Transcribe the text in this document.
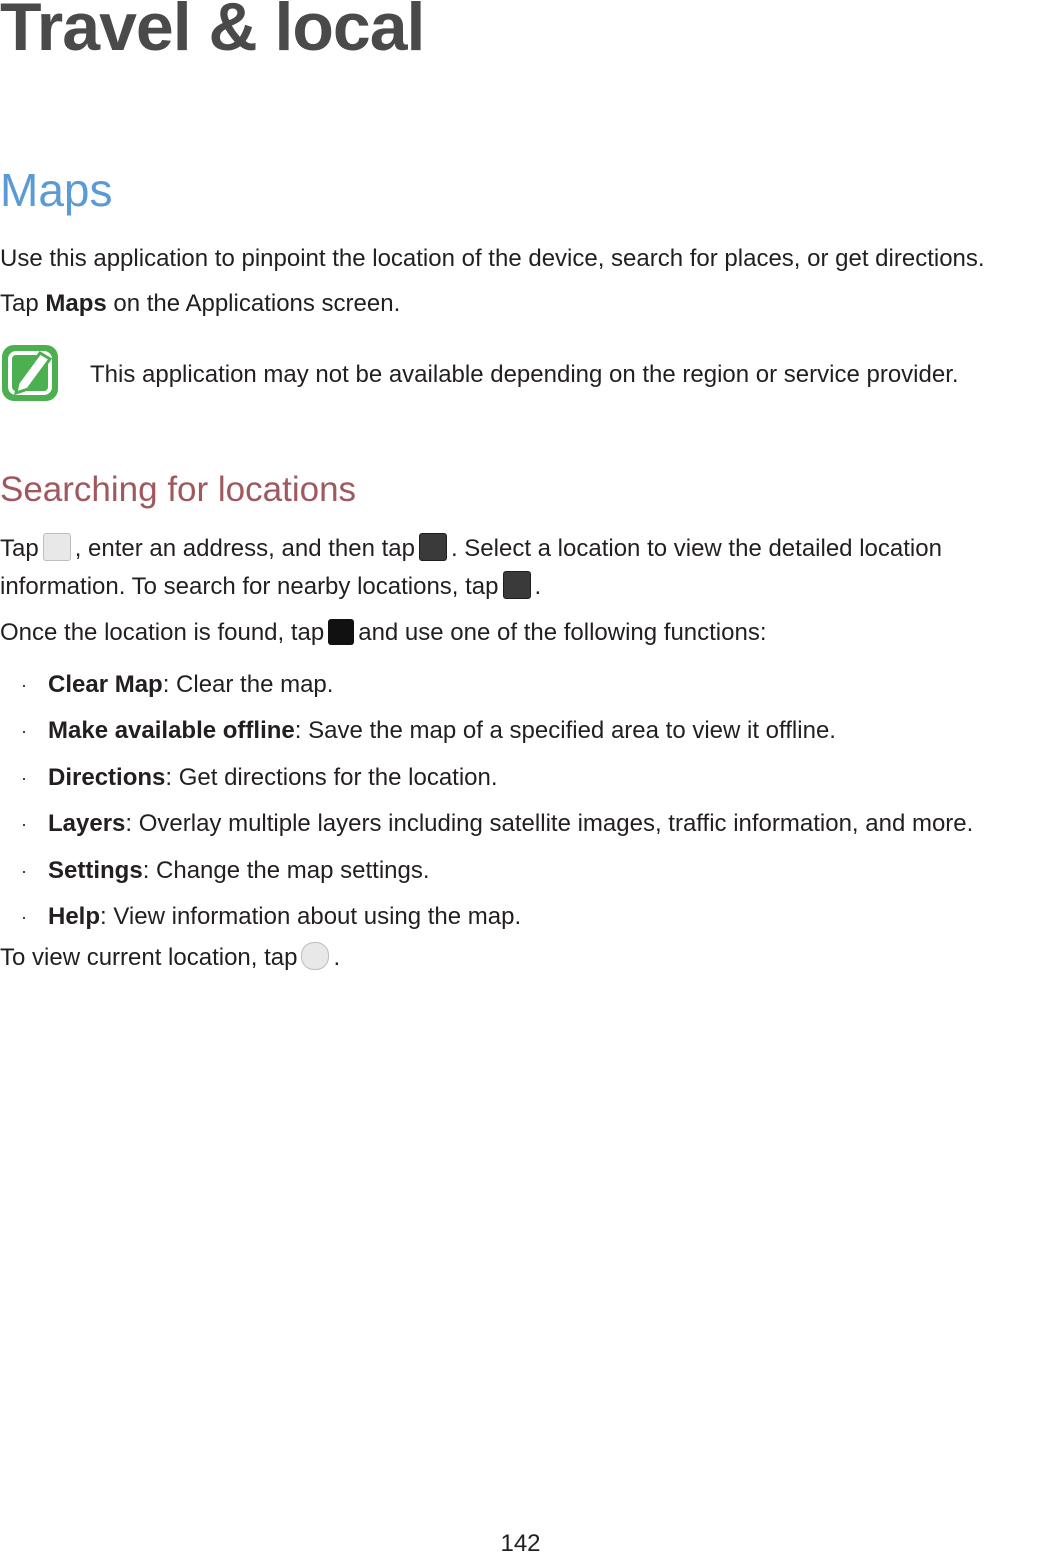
Travel & local
Maps
Use this application to pinpoint the location of the device, search for places, or get directions.
Tap Maps on the Applications screen.
This application may not be available depending on the region or service provider.
Searching for locations
Tap , enter an address, and then tap . Select a location to view the detailed location
information. To search for nearby locations, tap .
Once the location is found, tap and use one of the following functions:
· Clear Map: Clear the map.
· Make available offline: Save the map of a specified area to view it offline.
· Directions: Get directions for the location.
· Layers: Overlay multiple layers including satellite images, traffic information, and more.
· Settings: Change the map settings.
· Help: View information about using the map.
To view current location, tap .
142
